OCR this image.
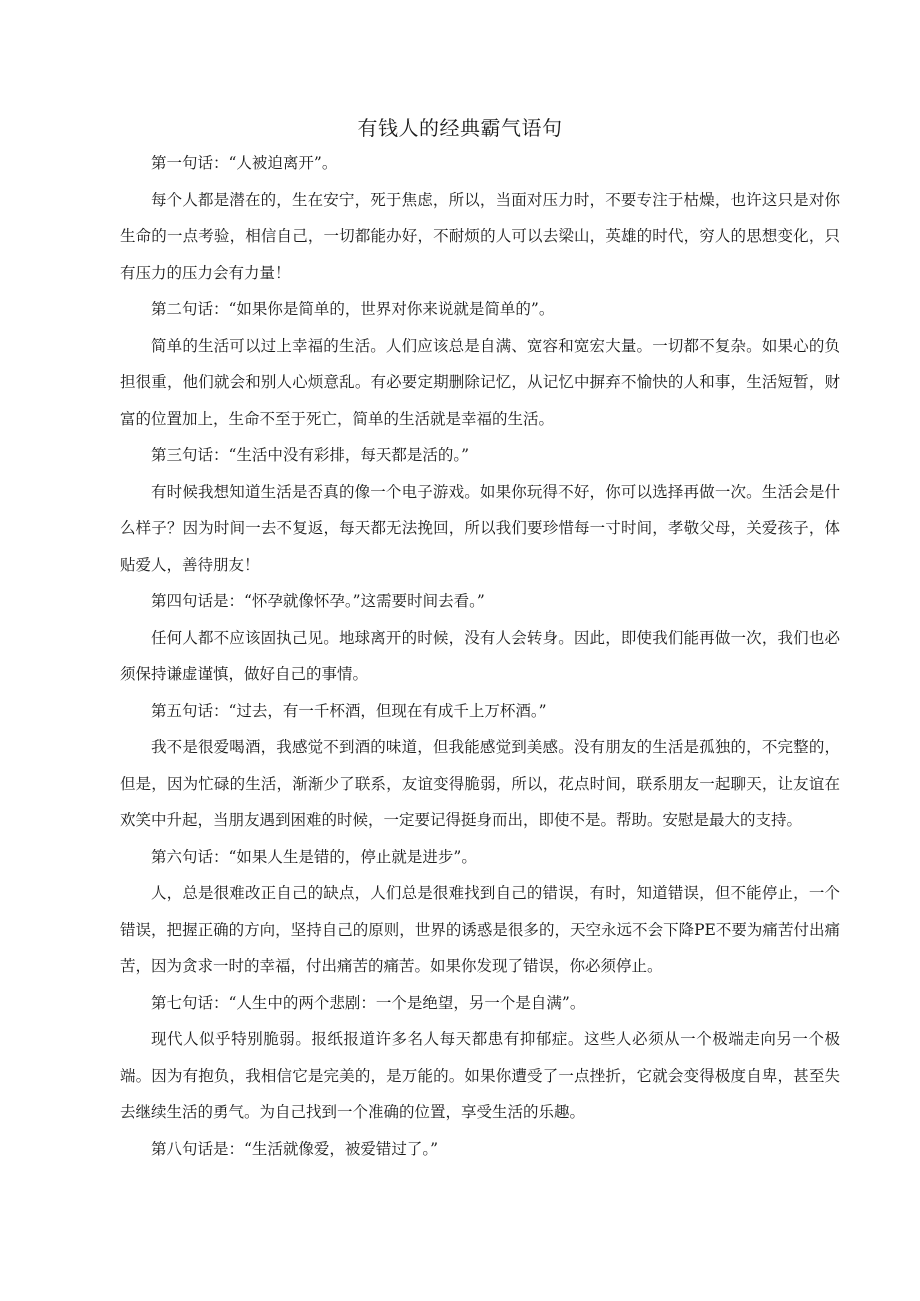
有钱人的经典霸气语句

第一句话：“人被迫离开”。

每个人都是潜在的，生在安宁，死于焦虑，所以，当面对压力时，不要专注于枯燥，也许这只是对你生命的一点考验，相信自己，一切都能办好，不耐烦的人可以去梁山，英雄的时代，穷人的思想变化，只有压力的压力会有力量！

第二句话：“如果你是简单的，世界对你来说就是简单的”。

简单的生活可以过上幸福的生活。人们应该总是自满、宽容和宽宏大量。一切都不复杂。如果心的负担很重，他们就会和别人心烦意乱。有必要定期删除记忆，从记忆中摒弃不愉快的人和事，生活短暂，财富的位置加上，生命不至于死亡，简单的生活就是幸福的生活。

第三句话：“生活中没有彩排，每天都是活的。”

有时候我想知道生活是否真的像一个电子游戏。如果你玩得不好，你可以选择再做一次。生活会是什么样子？因为时间一去不复返，每天都无法挽回，所以我们要珍惜每一寸时间，孝敬父母，关爱孩子，体贴爱人，善待朋友！

第四句话是：“怀孕就像怀孕。”这需要时间去看。”

任何人都不应该固执己见。地球离开的时候，没有人会转身。因此，即使我们能再做一次，我们也必须保持谦虚谨慎，做好自己的事情。

第五句话：“过去，有一千杯酒，但现在有成千上万杯酒。”

我不是很爱喝酒，我感觉不到酒的味道，但我能感觉到美感。没有朋友的生活是孤独的，不完整的，但是，因为忙碌的生活，渐渐少了联系，友谊变得脆弱，所以，花点时间，联系朋友一起聊天，让友谊在欢笑中升起，当朋友遇到困难的时候，一定要记得挺身而出，即使不是。帮助。安慰是最大的支持。

第六句话：“如果人生是错的，停止就是进步”。

人，总是很难改正自己的缺点，人们总是很难找到自己的错误，有时，知道错误，但不能停止，一个错误，把握正确的方向，坚持自己的原则，世界的诱惑是很多的，天空永远不会下降PE不要为痛苦付出痛苦，因为贪求一时的幸福，付出痛苦的痛苦。如果你发现了错误，你必须停止。

第七句话：“人生中的两个悲剧：一个是绝望，另一个是自满”。

现代人似乎特别脆弱。报纸报道许多名人每天都患有抑郁症。这些人必须从一个极端走向另一个极端。因为有抱负，我相信它是完美的，是万能的。如果你遭受了一点挫折，它就会变得极度自卑，甚至失去继续生活的勇气。为自己找到一个准确的位置，享受生活的乐趣。

第八句话是：“生活就像爱，被爱错过了。”
